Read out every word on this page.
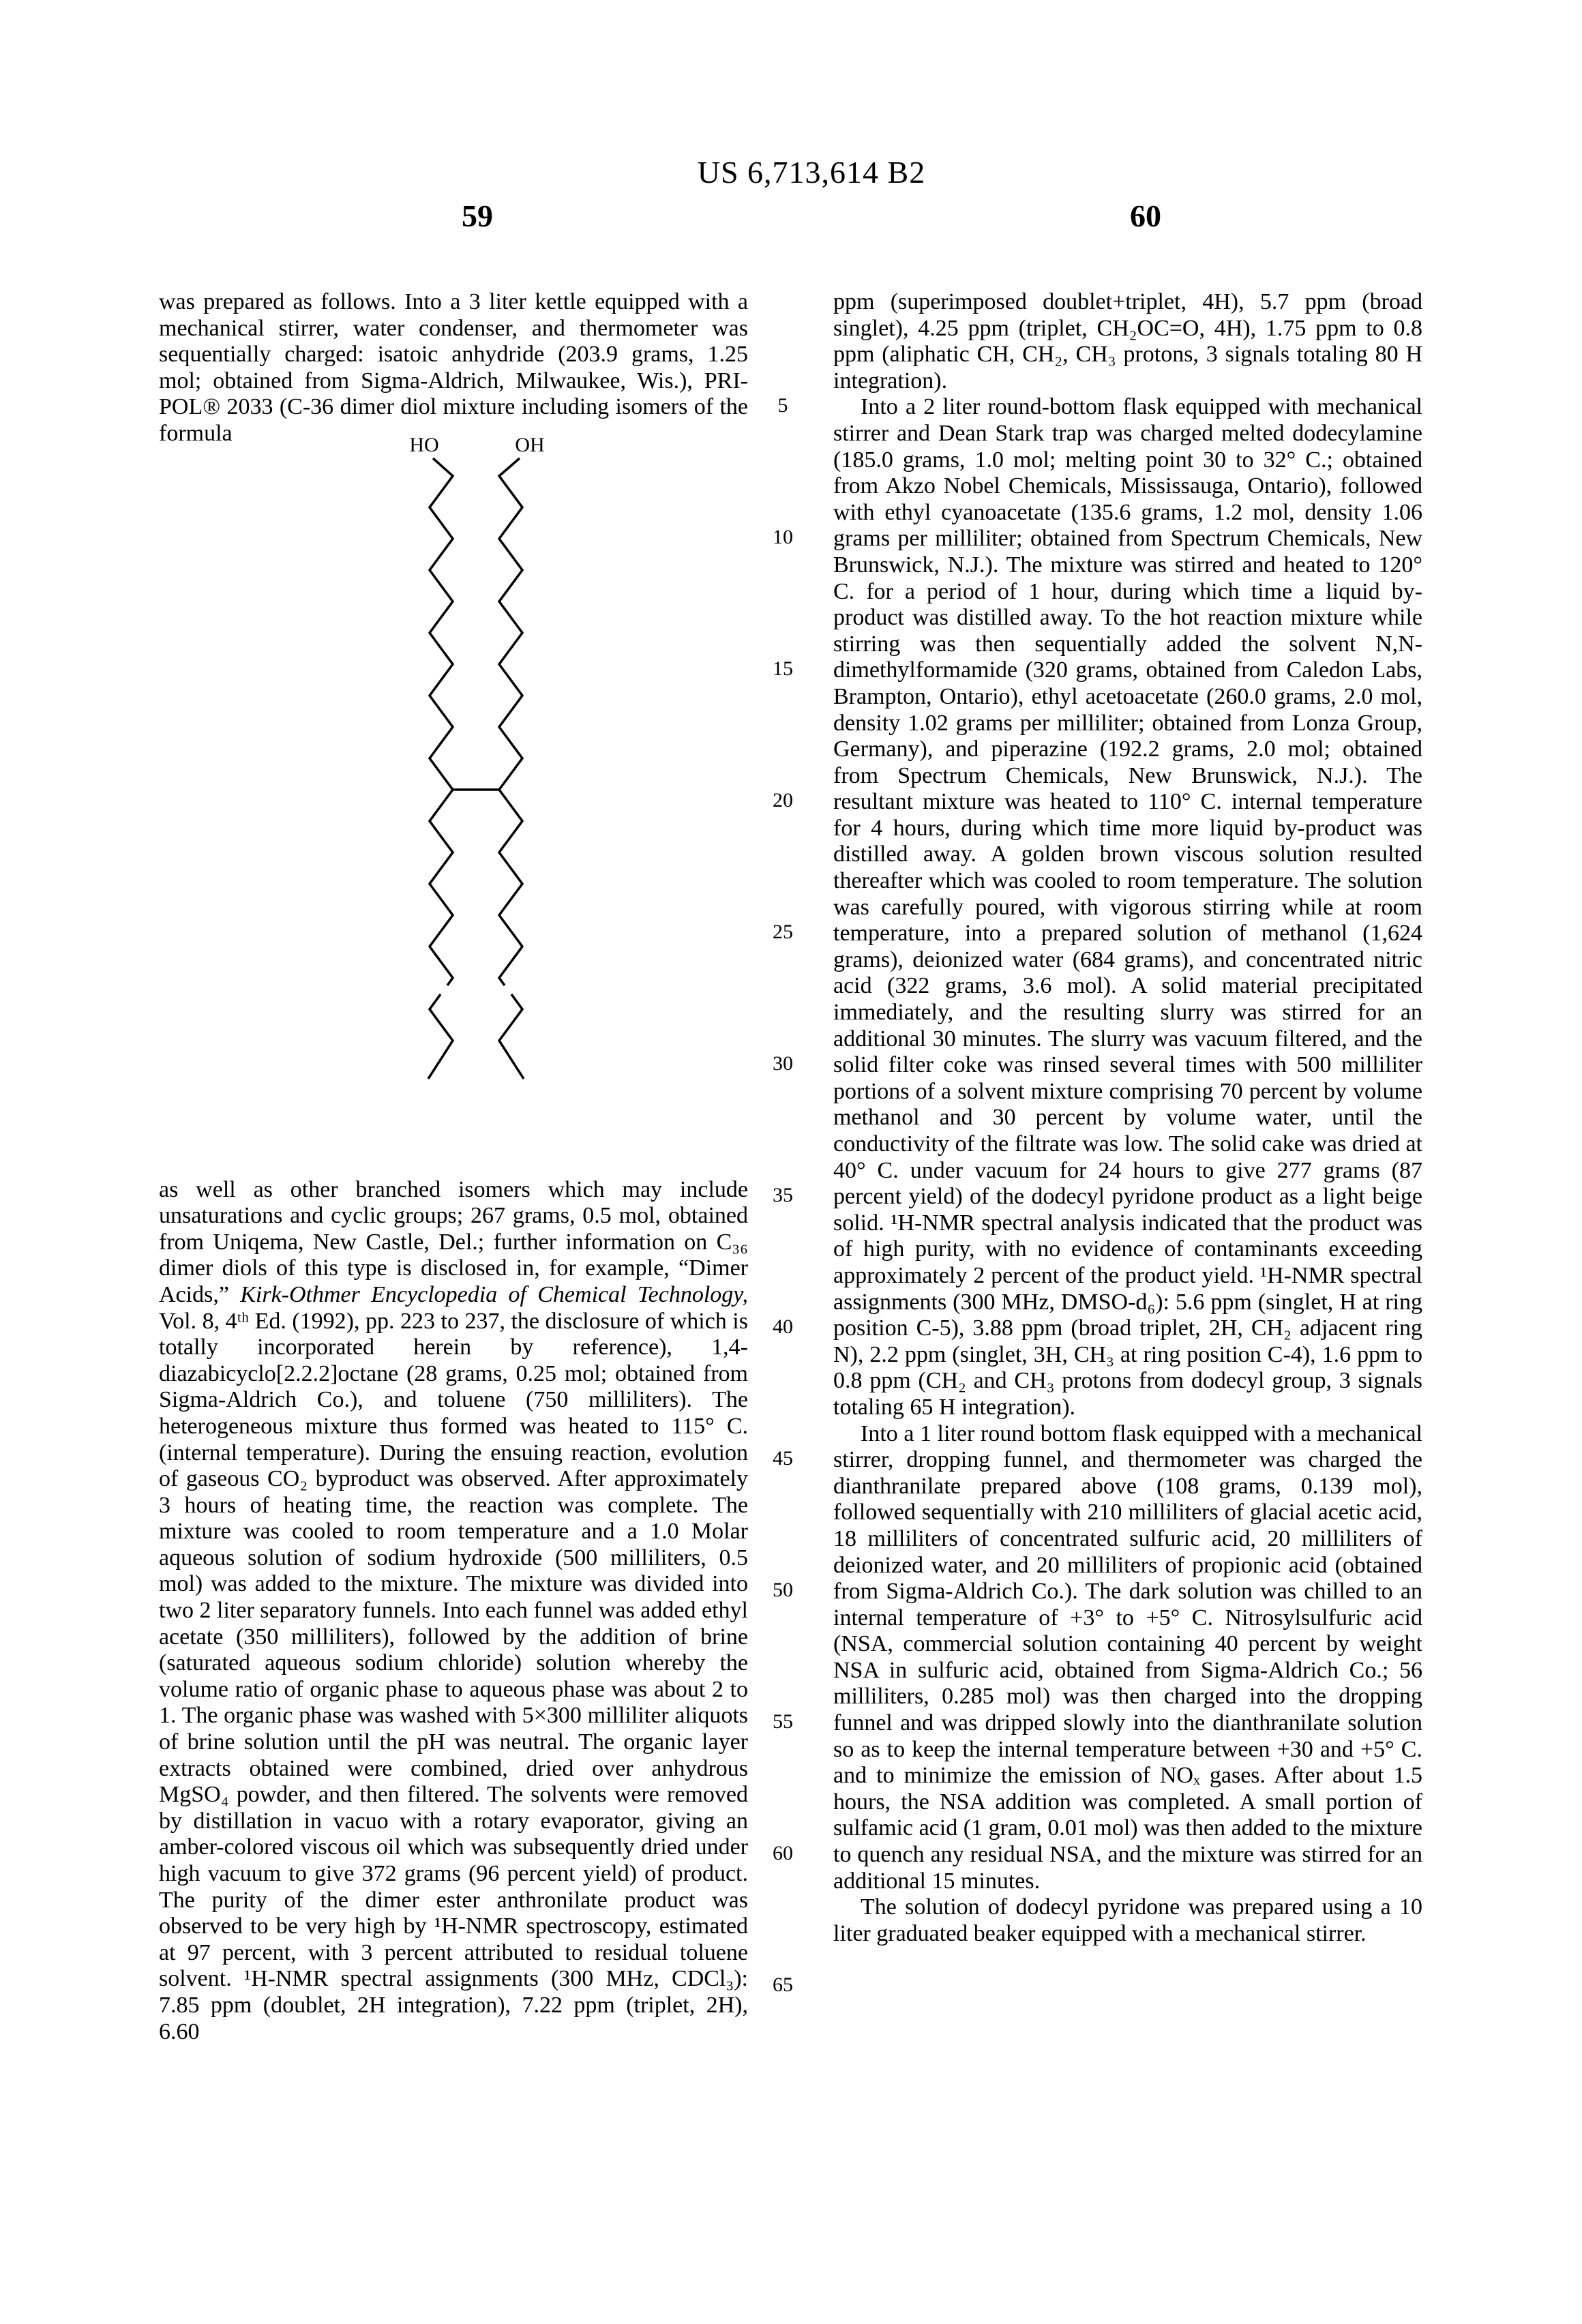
US 6,713,614 B2
59	60
5
10
15
20
25
30
35
40
45
50
55
60
65

was prepared as follows. Into a 3 liter kettle equipped with a mechanical stirrer, water condenser, and thermometer was sequentially charged: isatoic anhydride (203.9 grams, 1.25 mol; obtained from Sigma-Aldrich, Milwaukee, Wis.), PRI-POL® 2033 (C-36 dimer diol mixture including isomers of the formula	HO	OH

as well as other branched isomers which may include unsaturations and cyclic groups; 267 grams, 0.5 mol, obtained from Uniqema, New Castle, Del.; further information on C₃₆ dimer diols of this type is disclosed in, for example, “Dimer Acids,” Kirk-Othmer Encyclopedia of Chemical Technology, Vol. 8, 4ᵗʰ Ed. (1992), pp. 223 to 237, the disclosure of which is totally incorporated herein by reference), 1,4-diazabicyclo[2.2.2]octane (28 grams, 0.25 mol; obtained from Sigma-Aldrich Co.), and toluene (750 milliliters). The heterogeneous mixture thus formed was heated to 115° C. (internal temperature). During the ensuing reaction, evolution of gaseous CO₂ byproduct was observed. After approximately 3 hours of heating time, the reaction was complete. The mixture was cooled to room temperature and a 1.0 Molar aqueous solution of sodium hydroxide (500 milliliters, 0.5 mol) was added to the mixture. The mixture was divided into two 2 liter separatory funnels. Into each funnel was added ethyl acetate (350 milliliters), followed by the addition of brine (saturated aqueous sodium chloride) solution whereby the volume ratio of organic phase to aqueous phase was about 2 to 1. The organic phase was washed with 5×300 milliliter aliquots of brine solution until the pH was neutral. The organic layer extracts obtained were combined, dried over anhydrous MgSO₄ powder, and then filtered. The solvents were removed by distillation in vacuo with a rotary evaporator, giving an amber-colored viscous oil which was subsequently dried under high vacuum to give 372 grams (96 percent yield) of product. The purity of the dimer ester anthronilate product was observed to be very high by ¹H-NMR spectroscopy, estimated at 97 percent, with 3 percent attributed to residual toluene solvent. ¹H-NMR spectral assignments (300 MHz, CDCl₃): 7.85 ppm (doublet, 2H integration), 7.22 ppm (triplet, 2H), 6.60

ppm (superimposed doublet+triplet, 4H), 5.7 ppm (broad singlet), 4.25 ppm (triplet, CH₂OC=O, 4H), 1.75 ppm to 0.8 ppm (aliphatic CH, CH₂, CH₃ protons, 3 signals totaling 80 H integration).

Into a 2 liter round-bottom flask equipped with mechanical stirrer and Dean Stark trap was charged melted dodecylamine (185.0 grams, 1.0 mol; melting point 30 to 32° C.; obtained from Akzo Nobel Chemicals, Mississauga, Ontario), followed with ethyl cyanoacetate (135.6 grams, 1.2 mol, density 1.06 grams per milliliter; obtained from Spectrum Chemicals, New Brunswick, N.J.). The mixture was stirred and heated to 120° C. for a period of 1 hour, during which time a liquid by-product was distilled away. To the hot reaction mixture while stirring was then sequentially added the solvent N,N-dimethylformamide (320 grams, obtained from Caledon Labs, Brampton, Ontario), ethyl acetoacetate (260.0 grams, 2.0 mol, density 1.02 grams per milliliter; obtained from Lonza Group, Germany), and piperazine (192.2 grams, 2.0 mol; obtained from Spectrum Chemicals, New Brunswick, N.J.). The resultant mixture was heated to 110° C. internal temperature for 4 hours, during which time more liquid by-product was distilled away. A golden brown viscous solution resulted thereafter which was cooled to room temperature. The solution was carefully poured, with vigorous stirring while at room temperature, into a prepared solution of methanol (1,624 grams), deionized water (684 grams), and concentrated nitric acid (322 grams, 3.6 mol). A solid material precipitated immediately, and the resulting slurry was stirred for an additional 30 minutes. The slurry was vacuum filtered, and the solid filter coke was rinsed several times with 500 milliliter portions of a solvent mixture comprising 70 percent by volume methanol and 30 percent by volume water, until the conductivity of the filtrate was low. The solid cake was dried at 40° C. under vacuum for 24 hours to give 277 grams (87 percent yield) of the dodecyl pyridone product as a light beige solid. ¹H-NMR spectral analysis indicated that the product was of high purity, with no evidence of contaminants exceeding approximately 2 percent of the product yield. ¹H-NMR spectral assignments (300 MHz, DMSO-d₆): 5.6 ppm (singlet, H at ring position C-5), 3.88 ppm (broad triplet, 2H, CH₂ adjacent ring N), 2.2 ppm (singlet, 3H, CH₃ at ring position C-4), 1.6 ppm to 0.8 ppm (CH₂ and CH₃ protons from dodecyl group, 3 signals totaling 65 H integration).

Into a 1 liter round bottom flask equipped with a mechanical stirrer, dropping funnel, and thermometer was charged the dianthranilate prepared above (108 grams, 0.139 mol), followed sequentially with 210 milliliters of glacial acetic acid, 18 milliliters of concentrated sulfuric acid, 20 milliliters of deionized water, and 20 milliliters of propionic acid (obtained from Sigma-Aldrich Co.). The dark solution was chilled to an internal temperature of +3° to +5° C. Nitrosylsulfuric acid (NSA, commercial solution containing 40 percent by weight NSA in sulfuric acid, obtained from Sigma-Aldrich Co.; 56 milliliters, 0.285 mol) was then charged into the dropping funnel and was dripped slowly into the dianthranilate solution so as to keep the internal temperature between +30 and +5° C. and to minimize the emission of NOₓ gases. After about 1.5 hours, the NSA addition was completed. A small portion of sulfamic acid (1 gram, 0.01 mol) was then added to the mixture to quench any residual NSA, and the mixture was stirred for an additional 15 minutes.

The solution of dodecyl pyridone was prepared using a 10 liter graduated beaker equipped with a mechanical stirrer.
